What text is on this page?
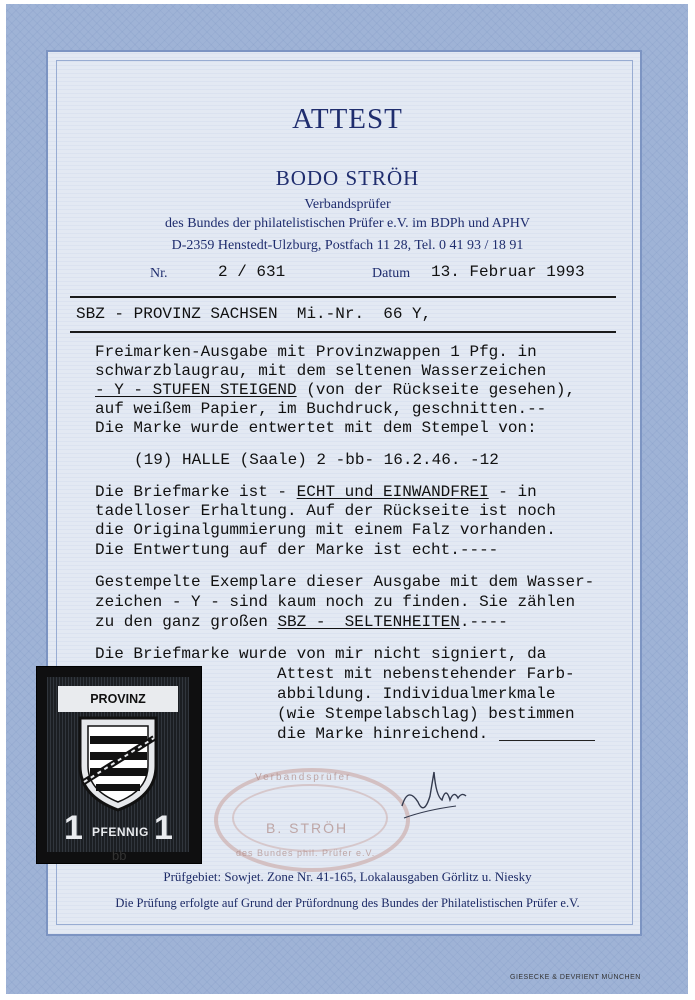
ATTEST
BODO STRÖH
Verbandsprüfer
des Bundes der philatelistischen Prüfer e.V. im BDPh und APHV
D-2359 Henstedt-Ulzburg, Postfach 11 28, Tel. 0 41 93 / 18 91
Nr.	2 / 631	Datum 13. Februar 1993
SBZ - PROVINZ SACHSEN  Mi.-Nr.  66 Y,
Freimarken-Ausgabe mit Provinzwappen 1 Pfg. in
schwarzblaugrau, mit dem seltenen Wasserzeichen
- Y - STUFEN STEIGEND (von der Rückseite gesehen),
auf weißem Papier, im Buchdruck, geschnitten.--
Die Marke wurde entwertet mit dem Stempel von:
(19) HALLE (Saale) 2 -bb- 16.2.46. -12
Die Briefmarke ist - ECHT und EINWANDFREI - in
tadelloser Erhaltung. Auf der Rückseite ist noch
die Originalgummierung mit einem Falz vorhanden.
Die Entwertung auf der Marke ist echt.----
Gestempelte Exemplare dieser Ausgabe mit dem Wasser-
zeichen - Y - sind kaum noch zu finden. Sie zählen
zu den ganz großen SBZ -  SELTENHEITEN.----
Die Briefmarke wurde von mir nicht signiert, da
Attest mit nebenstehender Farb-
abbildung. Individualmerkmale
(wie Stempelabschlag) bestimmen
die Marke hinreichend.
PROVINZ
1 PFENNIG 1
bb
Verbandsprüfer
B. STRÖH
des Bundes phil. Prüfer e.V.
Prüfgebiet: Sowjet. Zone Nr. 41-165, Lokalausgaben Görlitz u. Niesky
Die Prüfung erfolgte auf Grund der Prüfordnung des Bundes der Philatelistischen Prüfer e.V.
GIESECKE & DEVRIENT MÜNCHEN
